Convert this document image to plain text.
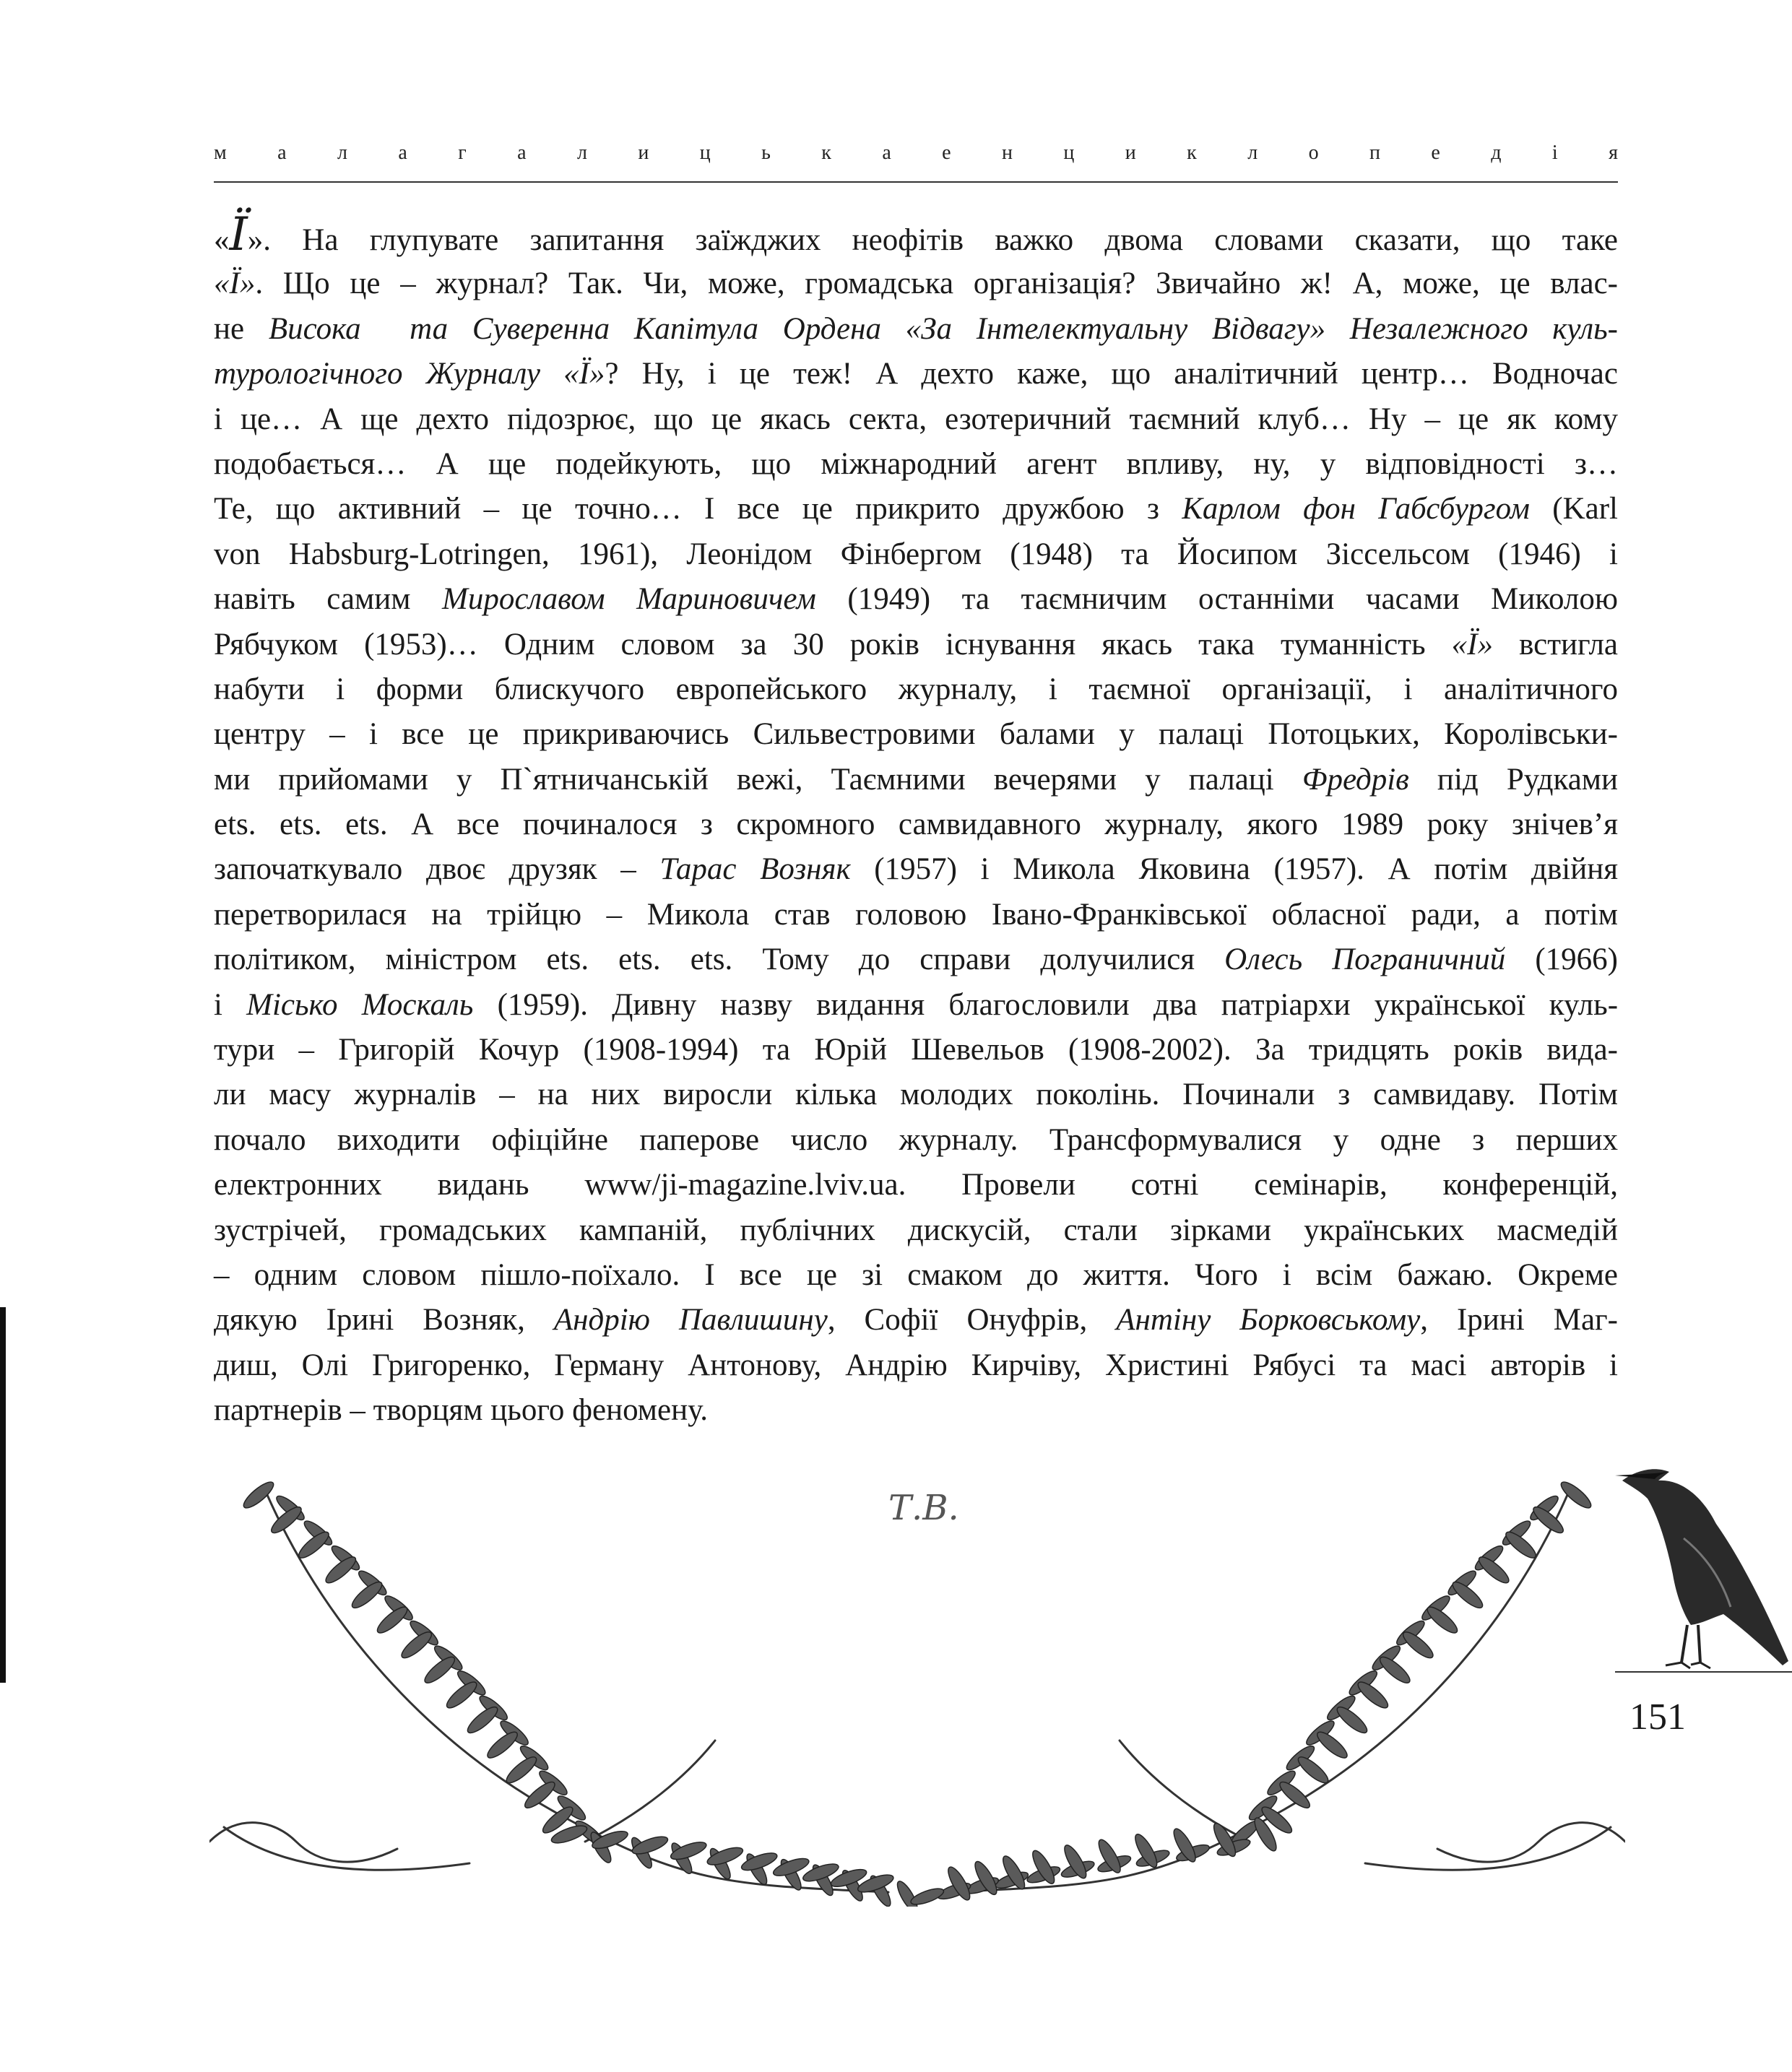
м	а	л	а	г	а	л	и	ц	ь	к	а	е	н	ц	и	к	л	о	п	е	д	і	я
«Ї». На глупувате запитання заїжджих неофітів важко двома словами сказати, що таке
«Ї». Що це – журнал? Так. Чи, може, громадська організація? Звичайно ж! А, може, це влас-
не Висока  та Суверенна Капітула Ордена «За Інтелектуальну Відвагу» Незалежного куль-
турологічного Журналу «Ї»? Ну, і це теж! А дехто каже, що аналітичний центр… Водночас
і це… А ще дехто підозрює, що це якась секта, езотеричний таємний клуб… Ну – це як кому
подобається… А ще подейкують, що міжнародний агент впливу, ну, у відповідності з…
Те, що активний – це точно… І все це прикрито дружбою з Карлом фон Габсбургом (Karl
von Habsburg-Lotringen, 1961), Леонідом Фінбергом (1948) та Йосипом Зіссельсом (1946) і
навіть самим Мирославом Мариновичем (1949) та таємничим останніми часами Миколою
Рябчуком (1953)… Одним словом за 30 років існування якась така туманність «Ї» встигла
набути і форми блискучого европейського журналу, і таємної організації, і аналітичного
центру – і все це прикриваючись Сильвестровими балами у палаці Потоцьких, Королівськи-
ми прийомами у П`ятничанській вежі, Таємними вечерями у палаці Фредрів під Рудками
ets. ets. ets. А все починалося з скромного самвидавного журналу, якого 1989 року знічев’я
започаткувало двоє друзяк – Тарас Возняк (1957) і Микола Яковина (1957). А потім двійня
перетворилася на трійцю – Микола став головою Івано-Франківської обласної ради, а потім
політиком, міністром ets. ets. ets. Тому до справи долучилися Олесь Пограничний (1966)
і Місько Москаль (1959). Дивну назву видання благословили два патріархи української куль-
тури – Григорій Кочур (1908-1994) та Юрій Шевельов (1908-2002). За тридцять років вида-
ли масу журналів – на них виросли кілька молодих поколінь. Починали з самвидаву. Потім
почало виходити офіційне паперове число журналу. Трансформувалися у одне з перших
електронних видань www/ji-magazine.lviv.ua. Провели сотні семінарів, конференцій,
зустрічей, громадських кампаній, публічних дискусій, стали зірками українських масмедій
– одним словом пішло-поїхало. І все це зі смаком до життя. Чого і всім бажаю. Окреме
дякую Ірині Возняк, Андрію Павлишину, Софії Онуфрів, Антіну Борковському, Ірині Маг-
диш, Олі Григоренко, Герману Антонову, Андрію Кирчіву, Христині Рябусі та масі авторів і
партнерів – творцям цього феномену.
Т.В.
151
